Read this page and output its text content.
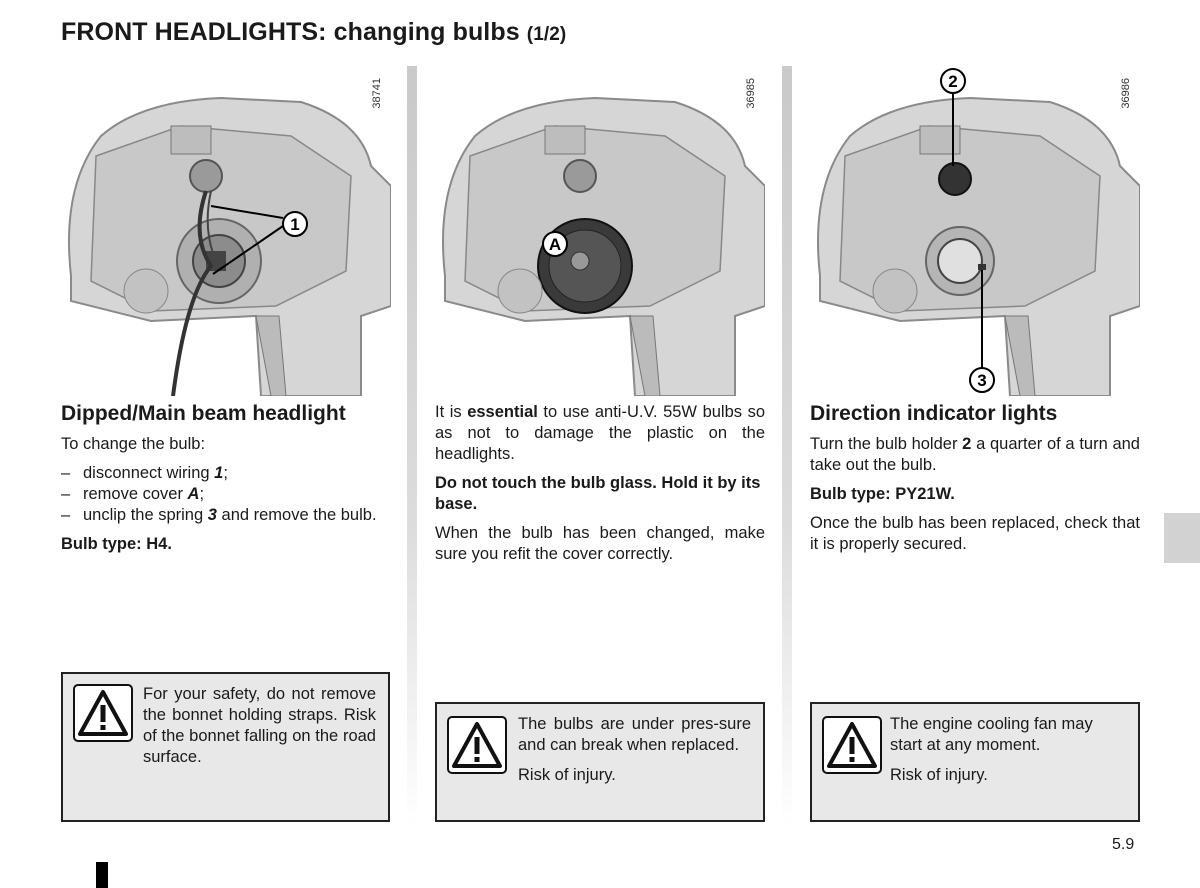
FRONT HEADLIGHTS: changing bulbs (1/2)
1
38741
Dipped/Main beam headlight

To change the bulb:

– disconnect wiring 1;
– remove cover A;
– unclip the spring 3 and remove the bulb.

Bulb type: H4.

For your safety, do not remove the bonnet holding straps. Risk of the bonnet falling on the road surface.
A
36985

It is essential to use anti-U.V. 55W bulbs so as not to damage the plastic on the headlights.

Do not touch the bulb glass. Hold it by its base.

When the bulb has been changed, make sure you refit the cover correctly.

The bulbs are under pres-sure and can break when replaced.
Risk of injury.
2
3
36986
Direction indicator lights

Turn the bulb holder 2 a quarter of a turn and take out the bulb.

Bulb type: PY21W.

Once the bulb has been replaced, check that it is properly secured.

The engine cooling fan may start at any moment.
Risk of injury.
5.9
